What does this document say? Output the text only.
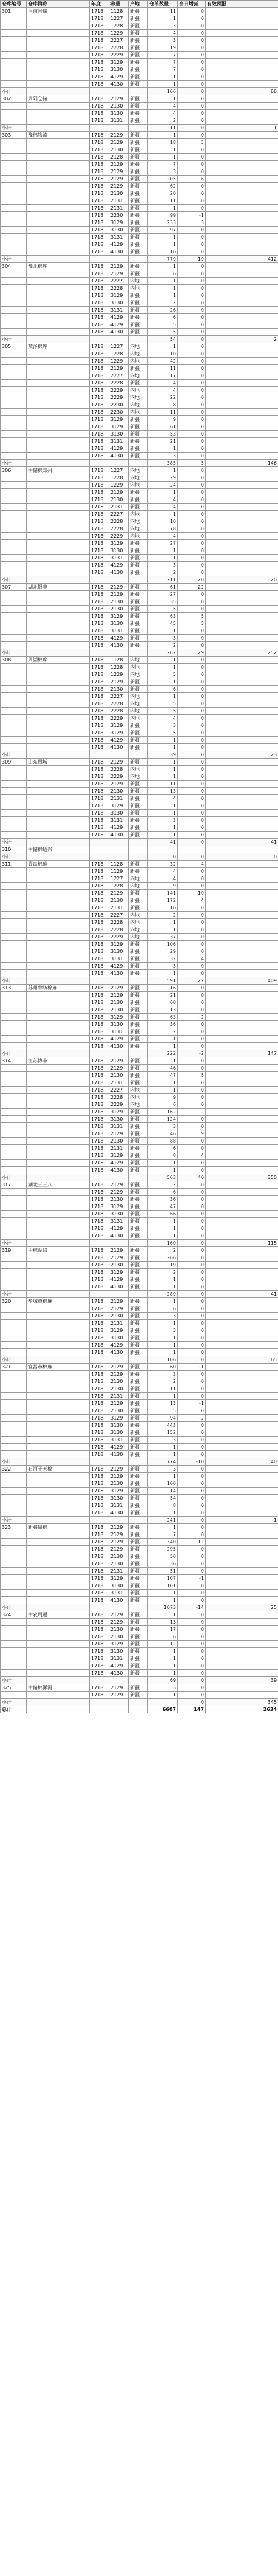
仓库编号	仓库简称	年度	容量	产地	仓单数量	当日增减	有效预报
301	河南国储	1718	1128	新疆	11	0	
		1718	1227	新疆	1	0	
		1718	1228	新疆	3	0	
		1718	1229	新疆	4	0	
		1718	2227	新疆	3	0	
		1718	2228	新疆	19	0	
		1718	2229	新疆	7	0	
		1718	3129	新疆	7	0	
		1718	3130	新疆	7	0	
		1718	4129	新疆	1	0	
		1718	4130	新疆	1	0	
小计					166	0	66
302	周阳仓储	1718	2129	新疆	1	0	
		1718	2130	新疆	4	0	
		1718	3130	新疆	4	0	
		1718	3131	新疆	2	0	
小计					11	0	1
303	豫棉物流	1718	2129	新疆	1	0	
		1718	2129	新疆	18	5	
		1718	2130	新疆	1	0	
		1718	2128	新疆	1	0	
		1718	2129	新疆	7	0	
		1718	2129	新疆	3	0	
		1718	2129	新疆	205	6	
		1718	2129	新疆	62	0	
		1718	2130	新疆	20	0	
		1718	2131	新疆	11	0	
		1718	2131	新疆	1	0	
		1718	2230	新疆	99	-1	
		1718	3129	新疆	233	3	
		1718	3130	新疆	97	0	
		1718	3131	新疆	1	0	
		1718	4129	新疆	1	0	
		1718	4130	新疆	16	0	
小计					779	19	412
304	豫北棉库	1718	2129	新疆	1	0	
		1718	2129	新疆	6	0	
		1718	2227	内地	1	0	
		1718	2228	内地	1	0	
		1718	3129	新疆	1	0	
		1718	3130	新疆	2	0	
		1718	3131	新疆	26	0	
		1718	4129	新疆	6	0	
		1718	4129	新疆	5	0	
		1718	4130	新疆	5	0	
小计					54	0	2
305	荥泽棉库	1718	1227	内地	1	0	
		1718	1228	内地	10	0	
		1718	1229	内地	42	0	
		1718	2129	新疆	11	0	
		1718	2227	内地	17	0	
		1718	2228	新疆	4	0	
		1718	2229	内地	4	0	
		1718	2229	内地	22	0	
		1718	2230	内地	8	0	
		1718	2230	内地	11	0	
		1718	3129	新疆	9	0	
		1718	3129	新疆	61	0	
		1718	3130	新疆	53	0	
		1718	3131	新疆	21	0	
		1718	4129	新疆	1	0	
		1718	4130	新疆	3	0	
小计					385	5	146
306	中储棉郑州	1718	1227	内地	1	0	
		1718	1228	内地	29	0	
		1718	1229	内地	24	0	
		1718	2129	新疆	1	0	
		1718	2130	新疆	4	0	
		1718	2131	新疆	4	0	
		1718	2227	内地	1	0	
		1718	2228	内地	10	0	
		1718	2228	内地	78	0	
		1718	2229	内地	4	0	
		1718	3129	新疆	27	0	
		1718	3130	新疆	1	0	
		1718	3131	新疆	1	0	
		1718	4129	新疆	3	0	
		1718	4130	新疆	2	0	
小计					211	20	20
307	湖北银丰	1718	2129	新疆	61	22	
		1718	2129	新疆	27	0	
		1718	2130	新疆	35	0	
		1718	2130	新疆	5	0	
		1718	3129	新疆	63	5	
		1718	3130	新疆	45	5	
		1718	3131	新疆	1	0	
		1718	4129	新疆	3	0	
		1718	4130	新疆	2	0	
小计					262	29	252
308	周湖棉库	1718	1128	内地	1	0	
		1718	1228	内地	1	0	
		1718	1229	内地	5	0	
		1718	2129	新疆	1	0	
		1718	2130	新疆	6	0	
		1718	2227	内地	1	0	
		1718	2228	内地	5	0	
		1718	2228	内地	5	0	
		1718	2229	内地	4	0	
		1718	3129	新疆	3	0	
		1718	3129	新疆	5	0	
		1718	4129	新疆	1	0	
		1718	4130	新疆	1	0	
小计					39	0	23
309	山东周城	1718	2129	新疆	1	0	
		1718	2228	内地	1	0	
		1718	2229	内地	1	0	
		1718	2129	新疆	11	0	
		1718	2130	新疆	13	0	
		1718	2131	新疆	4	0	
		1718	3129	新疆	1	0	
		1718	3130	新疆	1	0	
		1718	3131	新疆	3	0	
		1718	4129	新疆	1	0	
		1718	4130	新疆	1	0	
小计					41	0	41
310	中储棉绍兴						
小计					0	0	0
311	青岛棉麻	1718	1128	新疆	32	4	
		1718	1129	新疆	4	0	
		1718	1227	内地	4	0	
		1718	1228	内地	9	0	
		1718	2129	新疆	141	10	
		1718	2130	新疆	172	4	
		1718	2131	新疆	16	0	
		1718	2227	内地	2	0	
		1718	2228	内地	1	0	
		1718	2228	内地	1	0	
		1718	2229	内地	37	0	
		1718	3129	新疆	106	0	
		1718	3130	新疆	29	0	
		1718	3131	新疆	32	4	
		1718	4129	新疆	3	0	
		1718	4130	新疆	1	0	
小计					591	22	409
313	苏州中纺棉麻	1718	2129	新疆	16	0	
		1718	2129	新疆	21	0	
		1718	2130	新疆	60	0	
		1718	2130	新疆	13	0	
		1718	3129	新疆	63	-2	
		1718	3130	新疆	36	0	
		1718	3131	新疆	2	0	
		1718	4129	新疆	1	0	
		1718	4130	新疆	1	0	
小计					222	-2	147
314	江苏协丰	1718	2129	新疆	1	0	
		1718	2129	新疆	46	0	
		1718	2130	新疆	47	5	
		1718	2131	新疆	1	0	
		1718	2227	内地	1	0	
		1718	2228	内地	9	0	
		1718	2229	内地	6	0	
		1718	3129	新疆	162	2	
		1718	3130	新疆	124	0	
		1718	3131	新疆	3	0	
		1718	2129	新疆	46	9	
		1718	2130	新疆	88	0	
		1718	2131	新疆	6	0	
		1718	3129	新疆	8	4	
		1718	4129	新疆	1	0	
		1718	4130	新疆	1	0	
小计					563	40	350
317	湖北三三八一	1718	2129	新疆	2	0	
		1718	2129	新疆	6	0	
		1718	2130	新疆	36	0	
		1718	3129	新疆	47	0	
		1718	3130	新疆	66	0	
		1718	3131	新疆	1	0	
		1718	4129	新疆	1	0	
		1718	4130	新疆	1	0	
小计					160	0	115
319	中棉湖岱	1718	2129	新疆	2	0	
		1718	2129	新疆	266	0	
		1718	2130	新疆	19	0	
		1718	3129	新疆	2	0	
		1718	4129	新疆	1	0	
		1718	4130	新疆	1	0	
小计					289	0	41
320	盐城市棉麻	1718	2129	新疆	1	0	
		1718	2129	新疆	6	0	
		1718	2130	新疆	3	0	
		1718	2131	新疆	1	0	
		1718	3129	新疆	3	0	
		1718	3130	新疆	1	0	
		1718	4129	新疆	1	0	
		1718	4130	新疆	1	0	
小计					106	0	65
321	宜昌市棉麻	1718	2129	新疆	60	-1	
		1718	2129	新疆	3	0	
		1718	2130	新疆	2	0	
		1718	2130	新疆	11	0	
		1718	2131	新疆	1	0	
		1718	2129	新疆	13	-1	
		1718	2130	新疆	5	0	
		1718	3129	新疆	94	-2	
		1718	3130	新疆	443	0	
		1718	3130	新疆	152	0	
		1718	3131	新疆	3	0	
		1718	4129	新疆	1	0	
		1718	4130	新疆	1	0	
小计					774	-10	40
322	石河子天棉	1718	2129	新疆	3	0	
		1718	2129	新疆	1	0	
		1718	2130	新疆	160	0	
		1718	3129	新疆	14	0	
		1718	3130	新疆	54	0	
		1718	3131	新疆	8	0	
		1718	4130	新疆	1	0	
小计					241	0	1
323	新疆鼎棉	1718	2129	新疆	1	0	
		1718	2129	新疆	7	0	
		1718	2129	新疆	340	-12	
		1718	2129	新疆	295	0	
		1718	2130	新疆	50	0	
		1718	2130	新疆	36	0	
		1718	2131	新疆	51	0	
		1718	3129	新疆	107	-1	
		1718	3130	新疆	101	0	
		1718	3131	新疆	1	0	
		1718	4130	新疆	1	0	
小计					1073	-14	25
324	中农周通	1718	2129	新疆	1	0	
		1718	2129	新疆	13	0	
		1718	2130	新疆	17	0	
		1718	2130	新疆	6	0	
		1718	3129	新疆	12	0	
		1718	3130	新疆	1	0	
		1718	3131	新疆	1	0	
		1718	4129	新疆	1	0	
		1718	4130	新疆	1	0	
小计					69	0	39
325	中储棉漯河	1718	2129	新疆	3	0	
		1718	2129	新疆	1	0	
小计						0	345
总计					6607	147	2634
